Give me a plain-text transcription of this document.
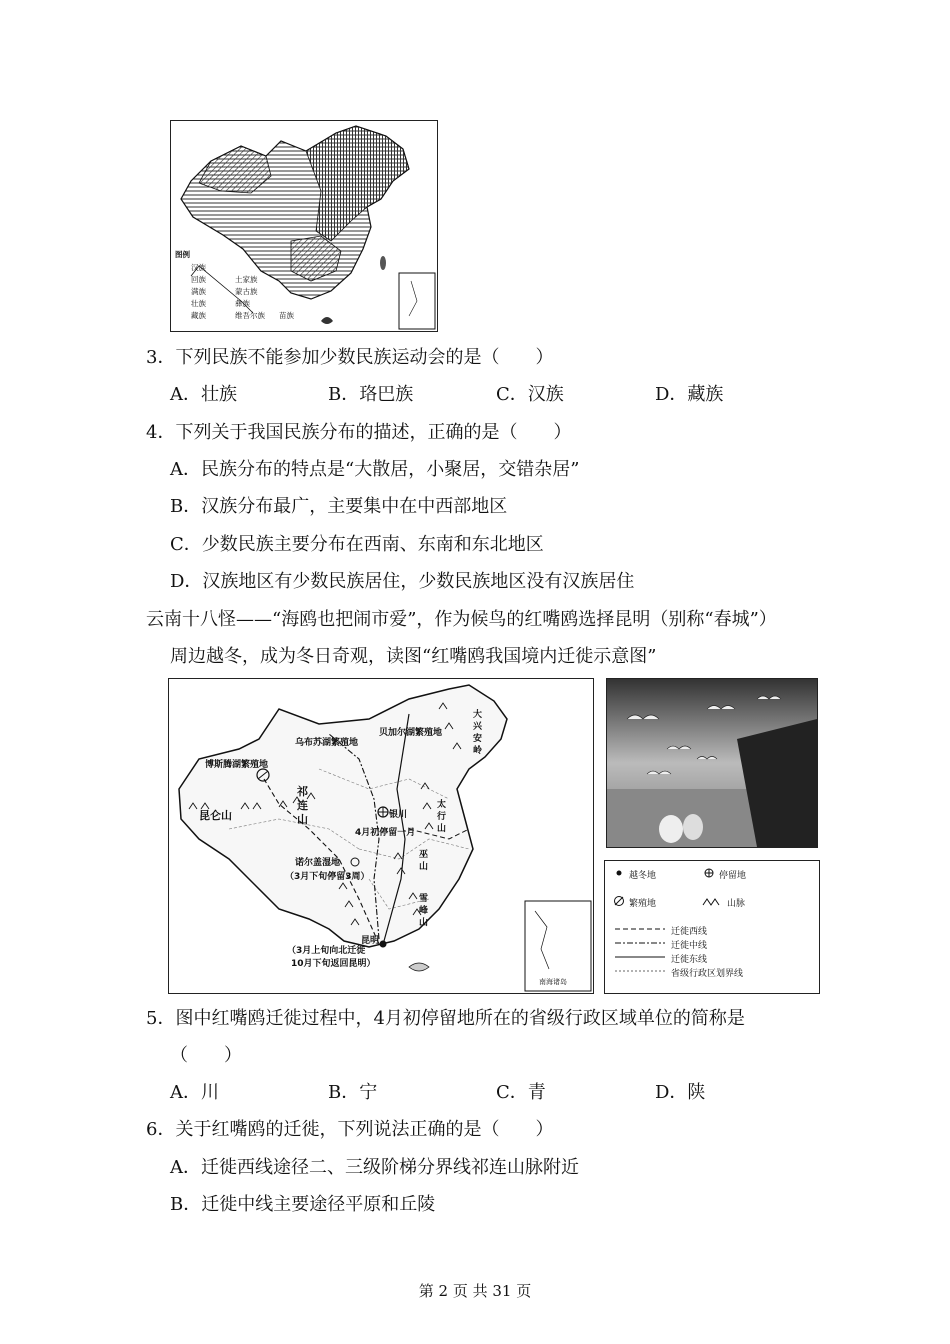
图例
汉族
回族
满族
壮族
藏族
土家族
蒙古族
维吾尔族
彝族
苗族
3．下列民族不能参加少数民族运动会的是（　　）
A．壮族	B．珞巴族	C．汉族	D．藏族
4．下列关于我国民族分布的描述，正确的是（　　）
A．民族分布的特点是“大散居，小聚居，交错杂居”
B．汉族分布最广，主要集中在中西部地区
C．少数民族主要分布在西南、东南和东北地区
D．汉族地区有少数民族居住，少数民族地区没有汉族居住
云南十八怪——“海鸥也把闹市爱”，作为候鸟的红嘴鸥选择昆明（别称“春城”）
周边越冬，成为冬日奇观，读图“红嘴鸥我国境内迁徙示意图”
贝加尔湖繁殖地
乌布苏湖繁殖地
博斯腾湖繁殖地
大兴安岭
昆仑山
祁连山
太行山
银川
4月初停留一月
诺尔盖湿地
（3月下旬停留3周）
巫山
雪峰山
昆明
（3月上旬向北迁徙
10月下旬返回昆明）
南海诸岛
越冬地	停留地
繁殖地	山脉
迁徙西线
迁徙中线
迁徙东线
省级行政区划界线
5．图中红嘴鸥迁徙过程中，4月初停留地所在的省级行政区域单位的简称是
（　　）
A．川	B．宁	C．青	D．陕
6．关于红嘴鸥的迁徙，下列说法正确的是（　　）
A．迁徙西线途径二、三级阶梯分界线祁连山脉附近
B．迁徙中线主要途径平原和丘陵
第 2 页 共 31 页
